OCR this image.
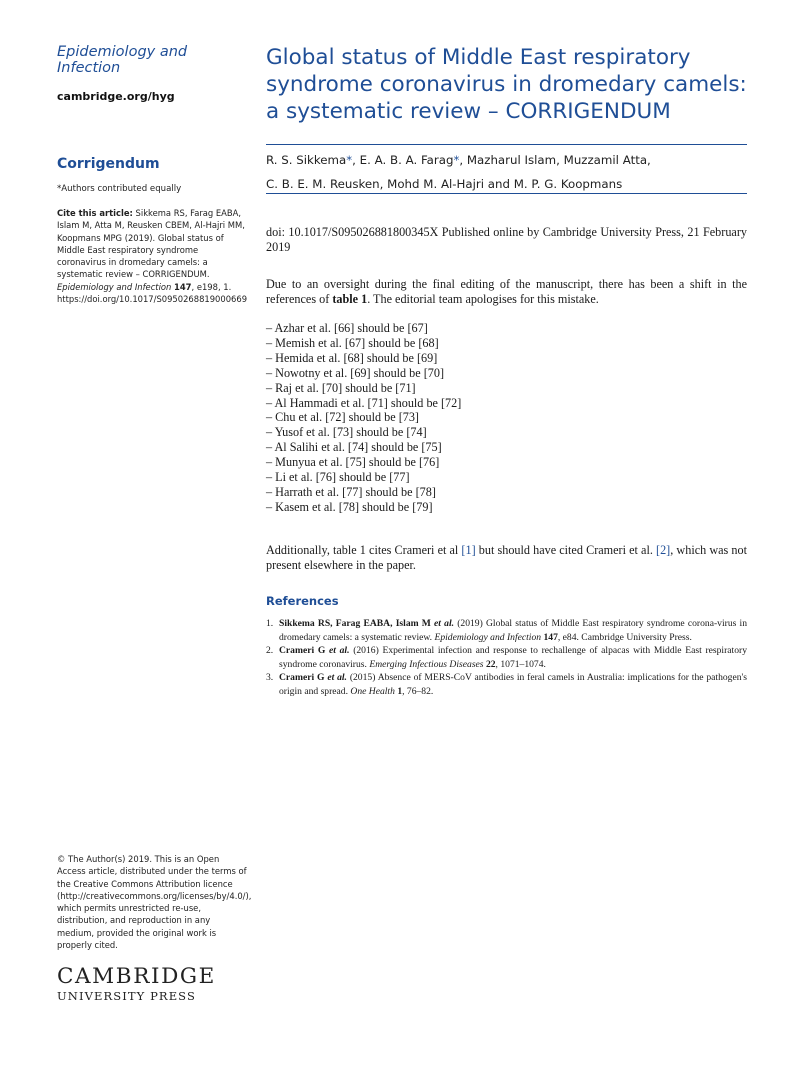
Epidemiology and Infection
cambridge.org/hyg
Corrigendum
*Authors contributed equally
Cite this article: Sikkema RS, Farag EABA, Islam M, Atta M, Reusken CBEM, Al-Hajri MM, Koopmans MPG (2019). Global status of Middle East respiratory syndrome coronavirus in dromedary camels: a systematic review – CORRIGENDUM. Epidemiology and Infection 147, e198, 1. https://doi.org/10.1017/S0950268819000669
© The Author(s) 2019. This is an Open Access article, distributed under the terms of the Creative Commons Attribution licence (http://creativecommons.org/licenses/by/4.0/), which permits unrestricted re-use, distribution, and reproduction in any medium, provided the original work is properly cited.
CAMBRIDGE
UNIVERSITY PRESS
Global status of Middle East respiratory
syndrome coronavirus in dromedary camels:
a systematic review – CORRIGENDUM
R. S. Sikkema*, E. A. B. A. Farag*, Mazharul Islam, Muzzamil Atta,
C. B. E. M. Reusken, Mohd M. Al-Hajri and M. P. G. Koopmans
doi: 10.1017/S095026881800345X Published online by Cambridge University Press, 21 February 2019
Due to an oversight during the final editing of the manuscript, there has been a shift in the references of table 1. The editorial team apologises for this mistake.
– Azhar et al. [66] should be [67]
– Memish et al. [67] should be [68]
– Hemida et al. [68] should be [69]
– Nowotny et al. [69] should be [70]
– Raj et al. [70] should be [71]
– Al Hammadi et al. [71] should be [72]
– Chu et al. [72] should be [73]
– Yusof et al. [73] should be [74]
– Al Salihi et al. [74] should be [75]
– Munyua et al. [75] should be [76]
– Li et al. [76] should be [77]
– Harrath et al. [77] should be [78]
– Kasem et al. [78] should be [79]
Additionally, table 1 cites Crameri et al [1] but should have cited Crameri et al. [2], which was not present elsewhere in the paper.
References
1. Sikkema RS, Farag EABA, Islam M et al. (2019) Global status of Middle East respiratory syndrome corona-virus in dromedary camels: a systematic review. Epidemiology and Infection 147, e84. Cambridge University Press.
2. Crameri G et al. (2016) Experimental infection and response to rechallenge of alpacas with Middle East respiratory syndrome coronavirus. Emerging Infectious Diseases 22, 1071–1074.
3. Crameri G et al. (2015) Absence of MERS-CoV antibodies in feral camels in Australia: implications for the pathogen's origin and spread. One Health 1, 76–82.
